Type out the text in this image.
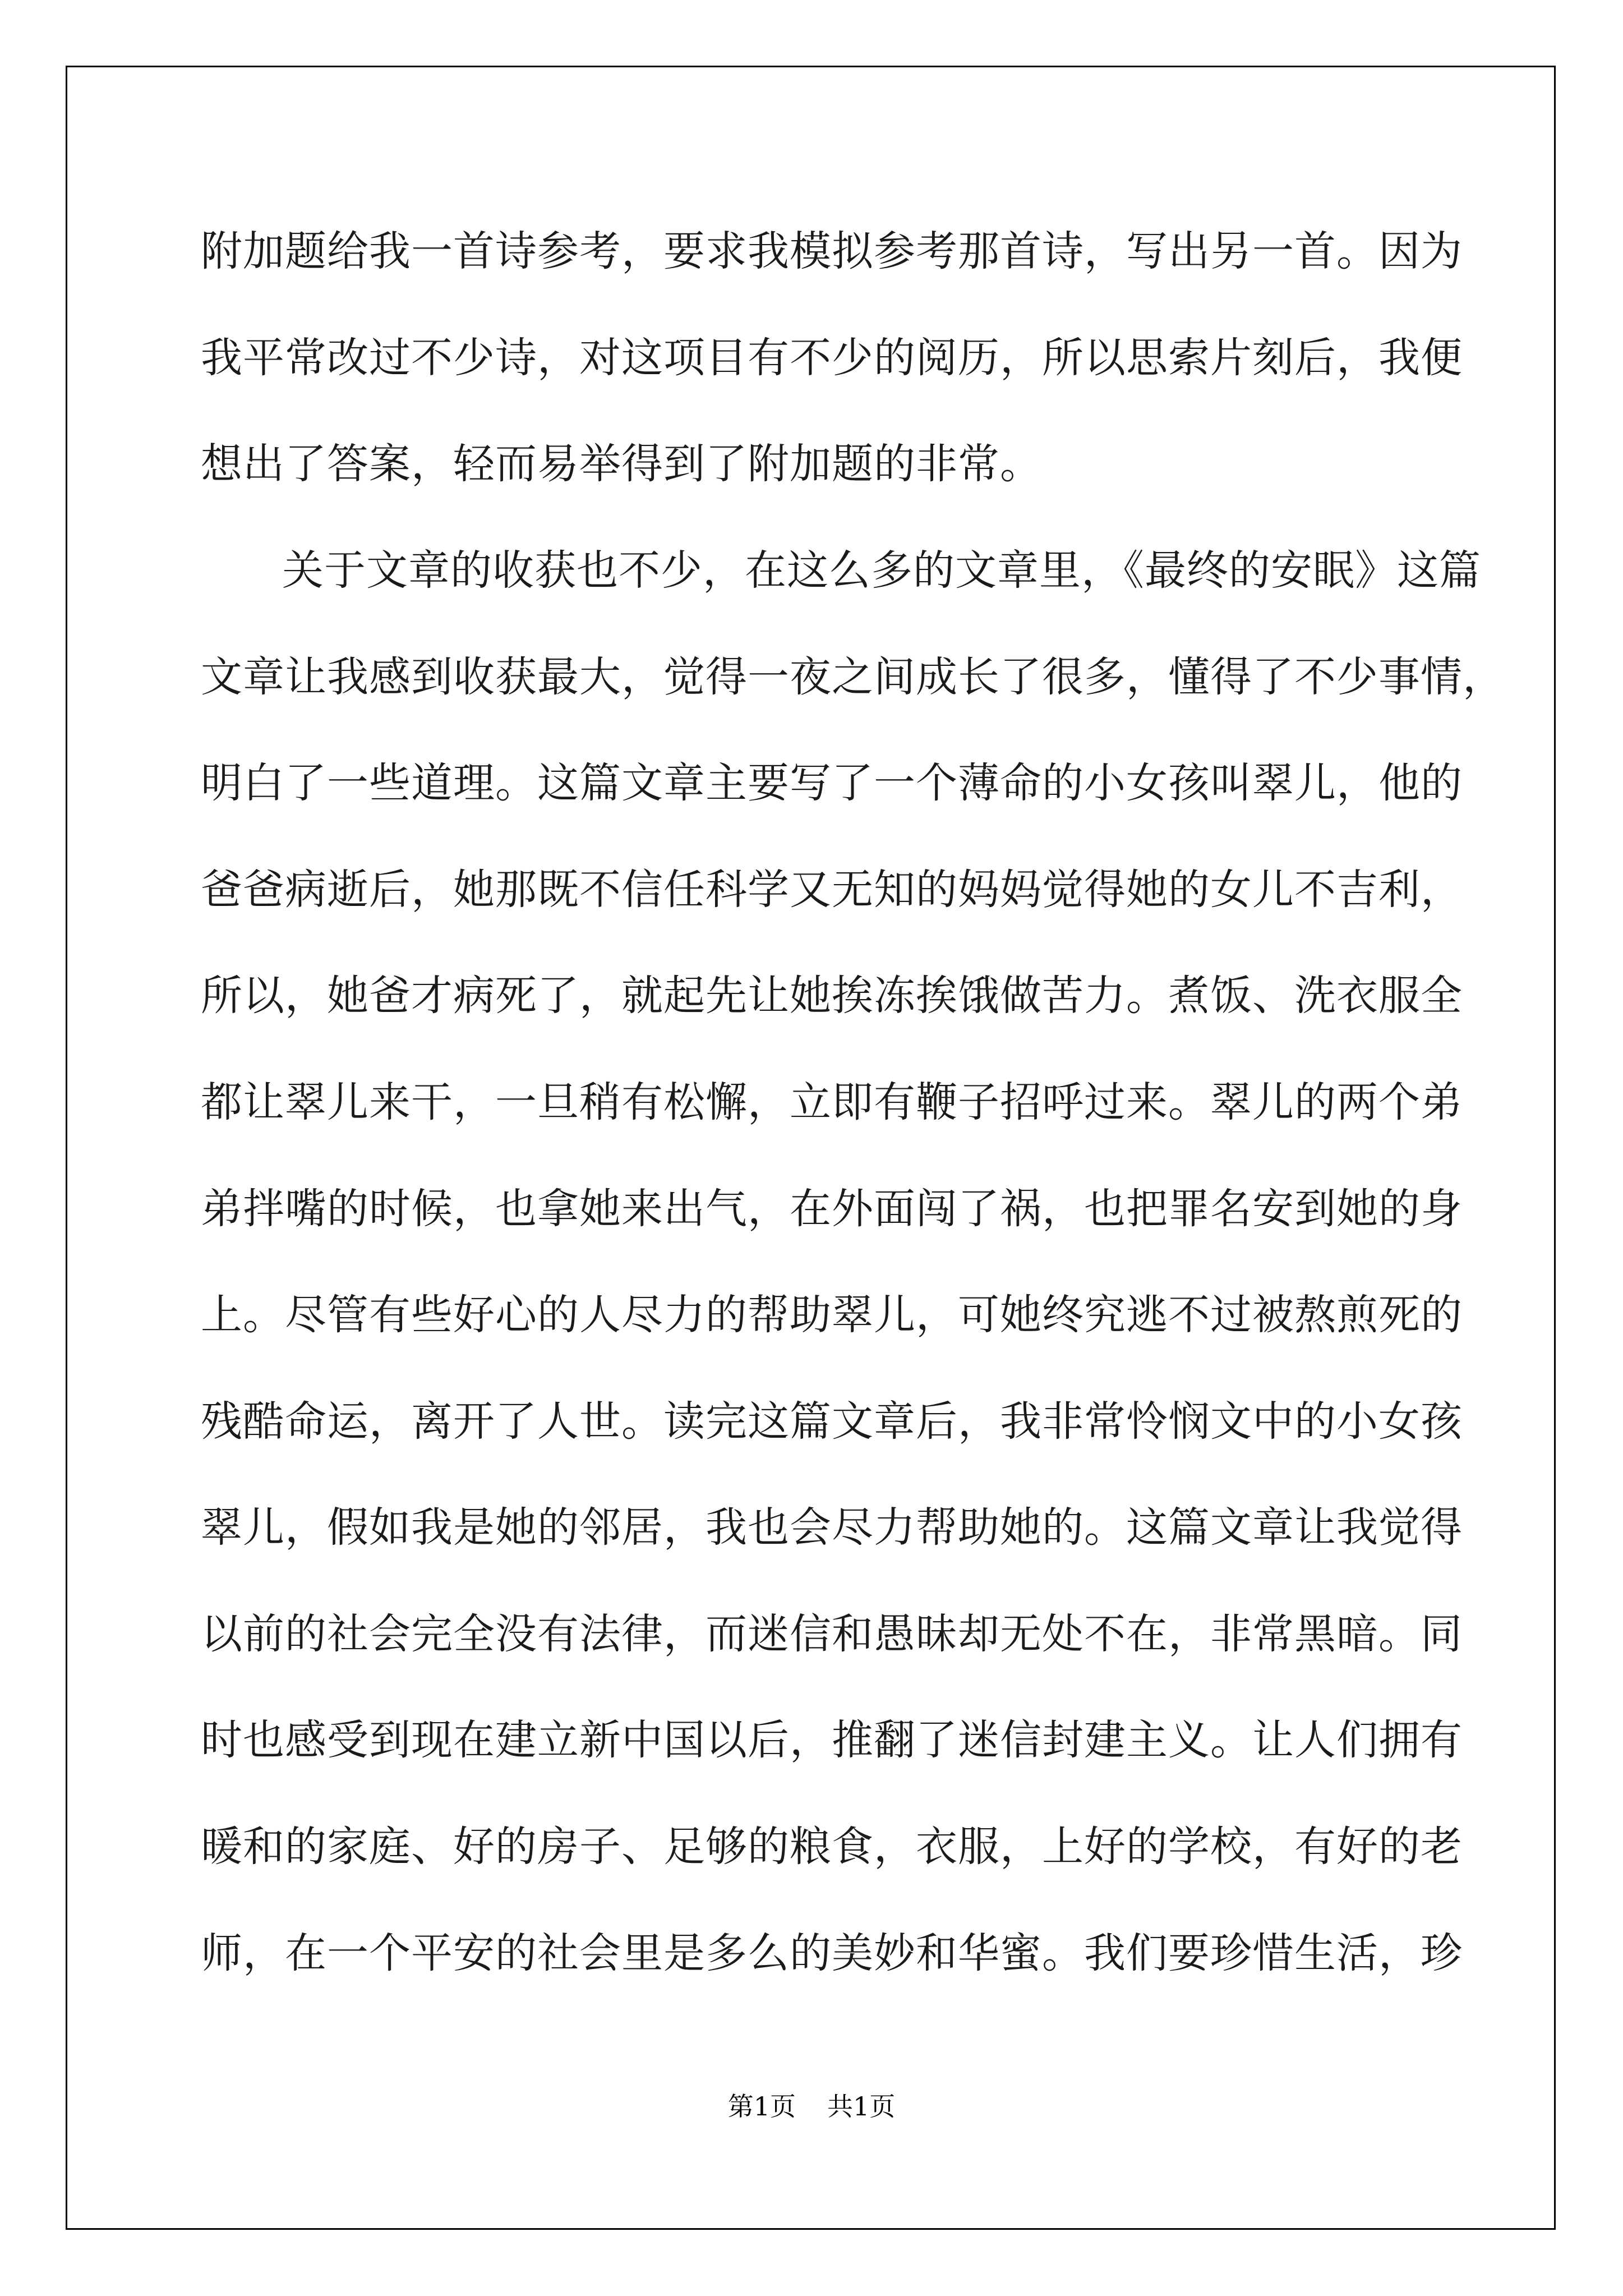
附加题给我一首诗参考，要求我模拟参考那首诗，写出另一首。因为
我平常改过不少诗，对这项目有不少的阅历，所以思索片刻后，我便
想出了答案，轻而易举得到了附加题的非常。
关于文章的收获也不少，在这么多的文章里，《最终的安眠》这篇
文章让我感到收获最大，觉得一夜之间成长了很多，懂得了不少事情，
明白了一些道理。这篇文章主要写了一个薄命的小女孩叫翠儿，他的
爸爸病逝后，她那既不信任科学又无知的妈妈觉得她的女儿不吉利，
所以，她爸才病死了，就起先让她挨冻挨饿做苦力。煮饭、洗衣服全
都让翠儿来干，一旦稍有松懈，立即有鞭子招呼过来。翠儿的两个弟
弟拌嘴的时候，也拿她来出气，在外面闯了祸，也把罪名安到她的身
上。尽管有些好心的人尽力的帮助翠儿，可她终究逃不过被熬煎死的
残酷命运，离开了人世。读完这篇文章后，我非常怜悯文中的小女孩
翠儿，假如我是她的邻居，我也会尽力帮助她的。这篇文章让我觉得
以前的社会完全没有法律，而迷信和愚昧却无处不在，非常黑暗。同
时也感受到现在建立新中国以后，推翻了迷信封建主义。让人们拥有
暖和的家庭、好的房子、足够的粮食，衣服，上好的学校，有好的老
师，在一个平安的社会里是多么的美妙和华蜜。我们要珍惜生活，珍
第1页 共1页
